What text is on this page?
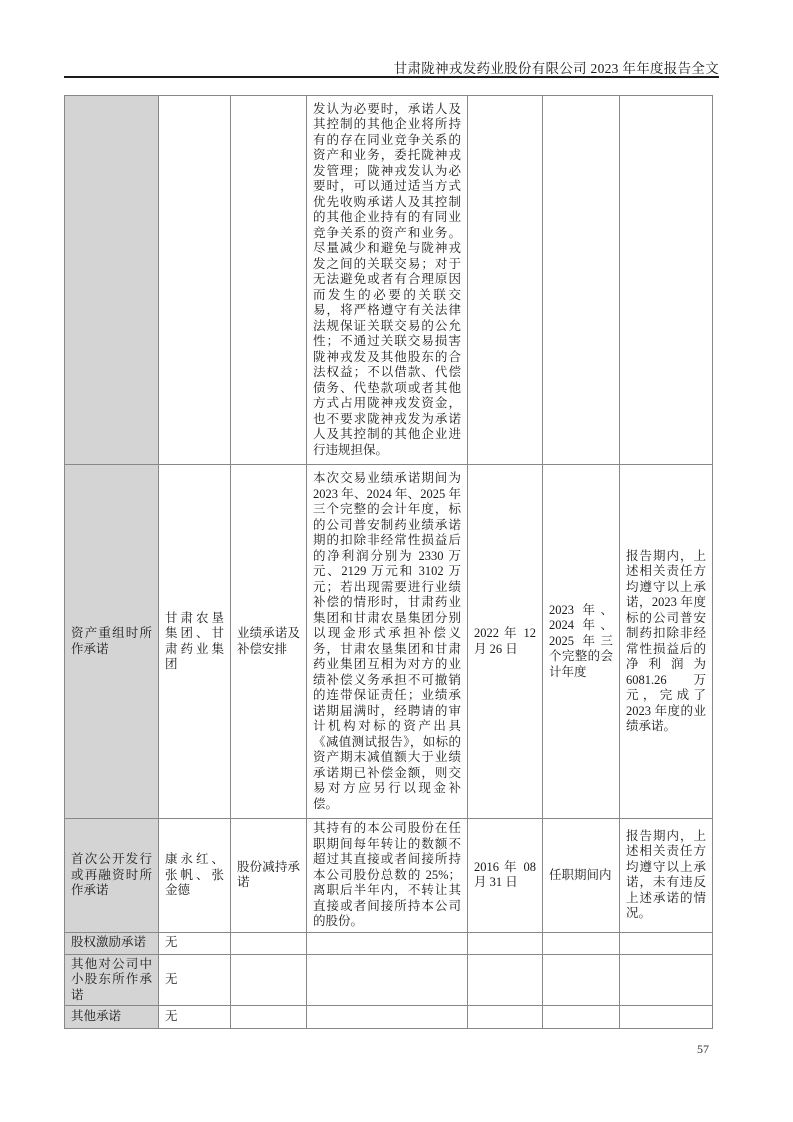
甘肃陇神戎发药业股份有限公司 2023 年年度报告全文
			发认为必要时，承诺人及其控制的其他企业将所持有的存在同业竞争关系的资产和业务，委托陇神戎发管理；陇神戎发认为必要时，可以通过适当方式优先收购承诺人及其控制的其他企业持有的有同业竞争关系的资产和业务。尽量减少和避免与陇神戎发之间的关联交易；对于无法避免或者有合理原因而发生的必要的关联交易，将严格遵守有关法律法规保证关联交易的公允性；不通过关联交易损害陇神戎发及其他股东的合法权益；不以借款、代偿债务、代垫款项或者其他方式占用陇神戎发资金，也不要求陇神戎发为承诺人及其控制的其他企业进行违规担保。			
资产重组时所作承诺	甘肃农垦集团、甘肃药业集团	业绩承诺及补偿安排	本次交易业绩承诺期间为 2023 年、2024 年、2025 年三个完整的会计年度，标的公司普安制药业绩承诺期的扣除非经常性损益后的净利润分别为 2330 万元、2129 万元和 3102 万元；若出现需要进行业绩补偿的情形时，甘肃药业集团和甘肃农垦集团分别以现金形式承担补偿义务，甘肃农垦集团和甘肃药业集团互相为对方的业绩补偿义务承担不可撤销的连带保证责任；业绩承诺期届满时，经聘请的审计机构对标的资产出具《减值测试报告》，如标的资产期末减值额大于业绩承诺期已补偿金额，则交易对方应另行以现金补偿。	2022 年 12 月 26 日	2023 年、2024 年、2025 年三个完整的会计年度	报告期内，上述相关责任方均遵守以上承诺，2023 年度标的公司普安制药扣除非经常性损益后的净利润为 6081.26 万元，完成了 2023 年度的业绩承诺。
首次公开发行或再融资时所作承诺	康永红、张帆、张金德	股份减持承诺	其持有的本公司股份在任职期间每年转让的数额不超过其直接或者间接所持本公司股份总数的 25%；离职后半年内，不转让其直接或者间接所持本公司的股份。	2016 年 08 月 31 日	任职期间内	报告期内，上述相关责任方均遵守以上承诺，未有违反上述承诺的情况。
股权激励承诺	无					
其他对公司中小股东所作承诺	无					
其他承诺	无					
57
